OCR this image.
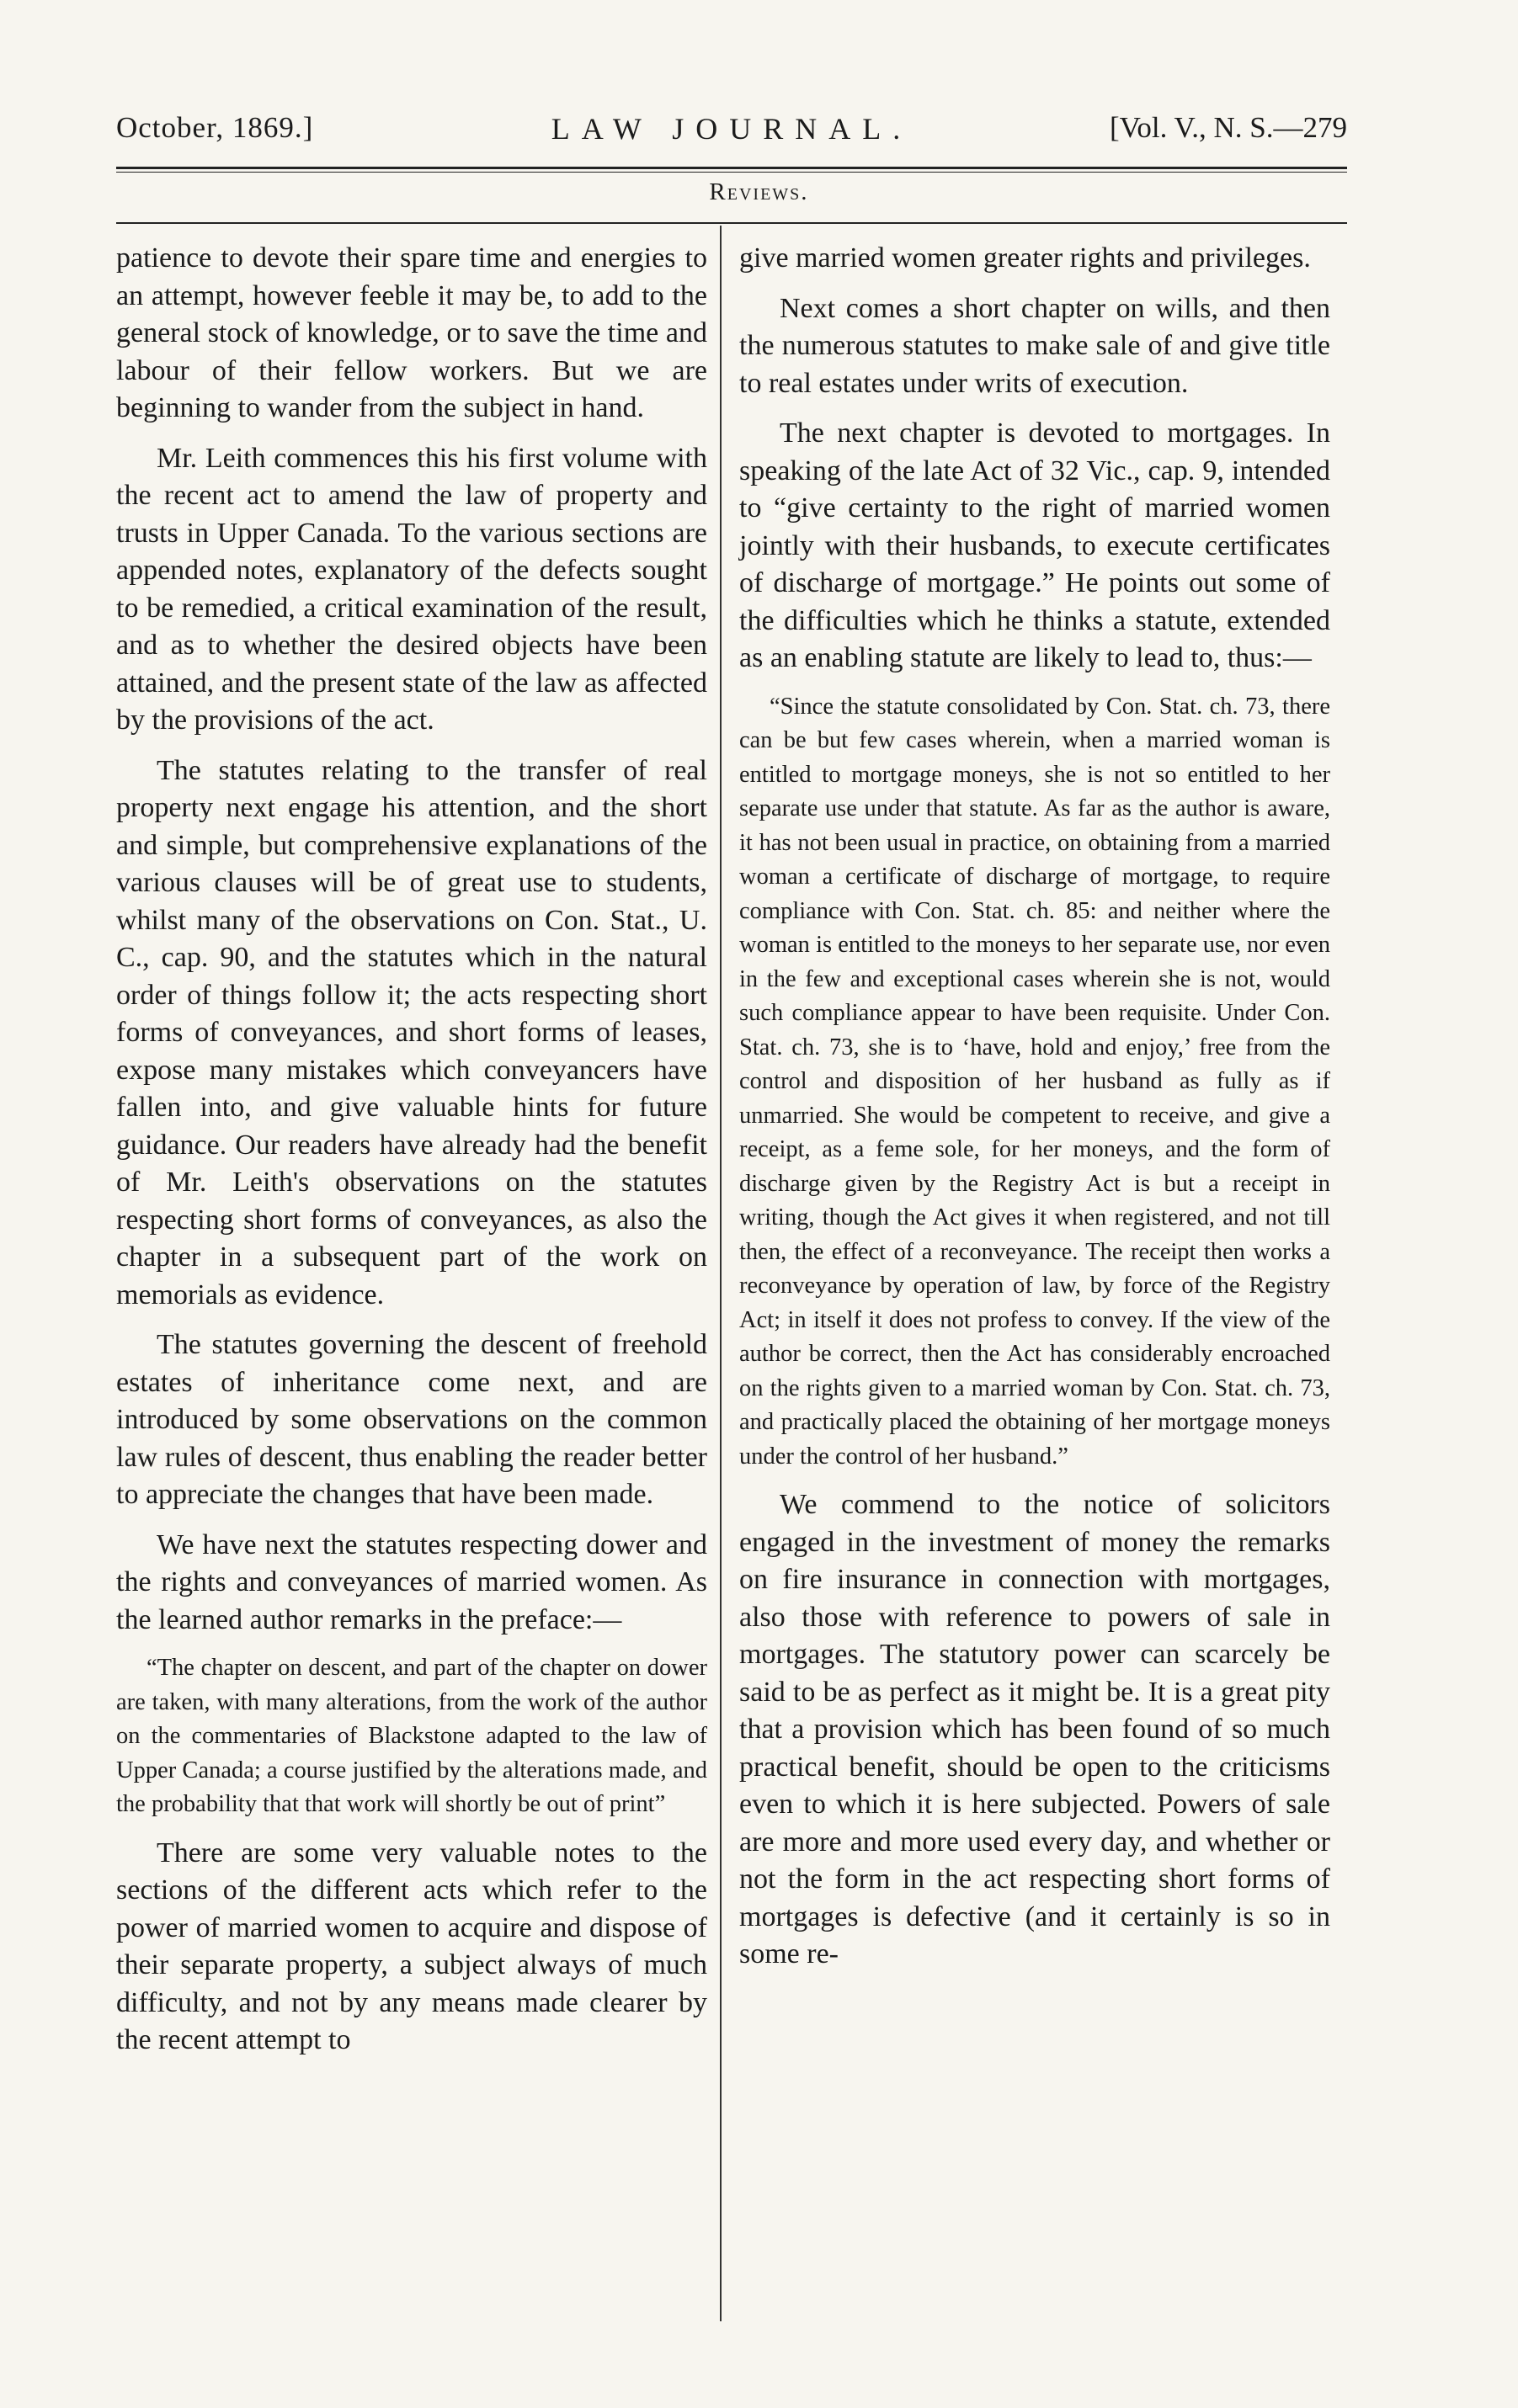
October, 1869.]	LAW JOURNAL.	[Vol. V., N. S.—279
Reviews.

patience to devote their spare time and energies to an attempt, however feeble it may be, to add to the general stock of knowledge, or to save the time and labour of their fellow workers. But we are beginning to wander from the subject in hand.

Mr. Leith commences this his first volume with the recent act to amend the law of property and trusts in Upper Canada. To the various sections are appended notes, explanatory of the defects sought to be remedied, a critical examination of the result, and as to whether the desired objects have been attained, and the present state of the law as affected by the provisions of the act.

The statutes relating to the transfer of real property next engage his attention, and the short and simple, but comprehensive explanations of the various clauses will be of great use to students, whilst many of the observations on Con. Stat., U. C., cap. 90, and the statutes which in the natural order of things follow it; the acts respecting short forms of conveyances, and short forms of leases, expose many mistakes which conveyancers have fallen into, and give valuable hints for future guidance. Our readers have already had the benefit of Mr. Leith's observations on the statutes respecting short forms of conveyances, as also the chapter in a subsequent part of the work on memorials as evidence.

The statutes governing the descent of freehold estates of inheritance come next, and are introduced by some observations on the common law rules of descent, thus enabling the reader better to appreciate the changes that have been made.

We have next the statutes respecting dower and the rights and conveyances of married women. As the learned author remarks in the preface:—

“The chapter on descent, and part of the chapter on dower are taken, with many alterations, from the work of the author on the commentaries of Blackstone adapted to the law of Upper Canada; a course justified by the alterations made, and the probability that that work will shortly be out of print”

There are some very valuable notes to the sections of the different acts which refer to the power of married women to acquire and dispose of their separate property, a subject always of much difficulty, and not by any means made clearer by the recent attempt to

give married women greater rights and privileges.

Next comes a short chapter on wills, and then the numerous statutes to make sale of and give title to real estates under writs of execution.

The next chapter is devoted to mortgages. In speaking of the late Act of 32 Vic., cap. 9, intended to “give certainty to the right of married women jointly with their husbands, to execute certificates of discharge of mortgage.” He points out some of the difficulties which he thinks a statute, extended as an enabling statute are likely to lead to, thus:—

“Since the statute consolidated by Con. Stat. ch. 73, there can be but few cases wherein, when a married woman is entitled to mortgage moneys, she is not so entitled to her separate use under that statute. As far as the author is aware, it has not been usual in practice, on obtaining from a married woman a certificate of discharge of mortgage, to require compliance with Con. Stat. ch. 85: and neither where the woman is entitled to the moneys to her separate use, nor even in the few and exceptional cases wherein she is not, would such compliance appear to have been requisite. Under Con. Stat. ch. 73, she is to ‘have, hold and enjoy,’ free from the control and disposition of her husband as fully as if unmarried. She would be competent to receive, and give a receipt, as a feme sole, for her moneys, and the form of discharge given by the Registry Act is but a receipt in writing, though the Act gives it when registered, and not till then, the effect of a reconveyance. The receipt then works a reconveyance by operation of law, by force of the Registry Act; in itself it does not profess to convey. If the view of the author be correct, then the Act has considerably encroached on the rights given to a married woman by Con. Stat. ch. 73, and practically placed the obtaining of her mortgage moneys under the control of her husband.”

We commend to the notice of solicitors engaged in the investment of money the remarks on fire insurance in connection with mortgages, also those with reference to powers of sale in mortgages. The statutory power can scarcely be said to be as perfect as it might be. It is a great pity that a provision which has been found of so much practical benefit, should be open to the criticisms even to which it is here subjected. Powers of sale are more and more used every day, and whether or not the form in the act respecting short forms of mortgages is defective (and it certainly is so in some re-
